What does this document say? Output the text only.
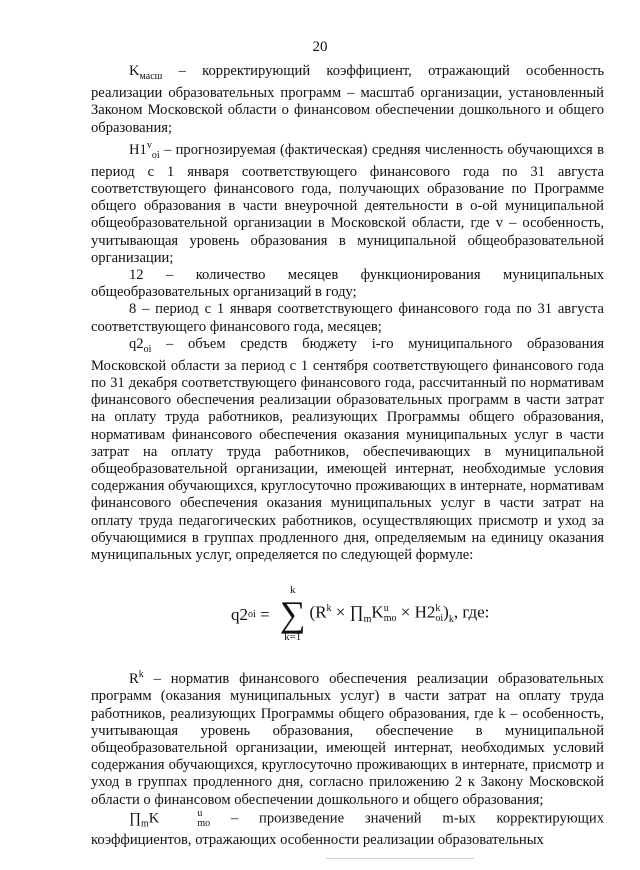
20

$K_{масш}$ – корректирующий коэффициент, отражающий особенность реализации образовательных программ – масштаб организации, установленный Законом Московской области о финансовом обеспечении дошкольного и общего образования;

$Н1^v_{oi}$ – прогнозируемая (фактическая) средняя численность обучающихся в период с 1 января соответствующего финансового года по 31 августа соответствующего финансового года, получающих образование по Программе общего образования в части внеурочной деятельности в о-ой муниципальной общеобразовательной организации в Московской области, где v – особенность, учитывающая уровень образования в муниципальной общеобразовательной организации;

12 – количество месяцев функционирования муниципальных общеобразовательных организаций в году;

8 – период с 1 января соответствующего финансового года по 31 августа соответствующего финансового года, месяцев;

$q2_{oi}$ – объем средств бюджету i-го муниципального образования Московской области за период с 1 сентября соответствующего финансового года по 31 декабря соответствующего финансового года, рассчитанный по нормативам финансового обеспечения реализации образовательных программ в части затрат на оплату труда работников, реализующих Программы общего образования, нормативам финансового обеспечения оказания муниципальных услуг в части затрат на оплату труда работников, обеспечивающих в муниципальной общеобразовательной организации, имеющей интернат, необходимые условия содержания обучающихся, круглосуточно проживающих в интернате, нормативам финансового обеспечения оказания муниципальных услуг в части затрат на оплату труда педагогических работников, осуществляющих присмотр и уход за обучающимися в группах продленного дня, определяемым на единицу оказания муниципальных услуг, определяется по следующей формуле:

q2 oi =
k
∑
k=1
($R^k$ × $\prod_mK$ u
mo × Н2 k
oi )$_k$, где:

$R^k$ – норматив финансового обеспечения реализации образовательных программ (оказания муниципальных услуг) в части затрат на оплату труда работников, реализующих Программы общего образования, где k – особенность, учитывающая уровень образования, обеспечение в муниципальной общеобразовательной организации, имеющей интернат, необходимых условий содержания обучающихся, круглосуточно проживающих в интернате, присмотр и уход в группах продленного дня, согласно приложению 2 к Закону Московской области о финансовом обеспечении дошкольного и общего образования;

$\prod_mK$	u
mo – произведение значений m-ых корректирующих коэффициентов, отражающих особенности реализации образовательных
